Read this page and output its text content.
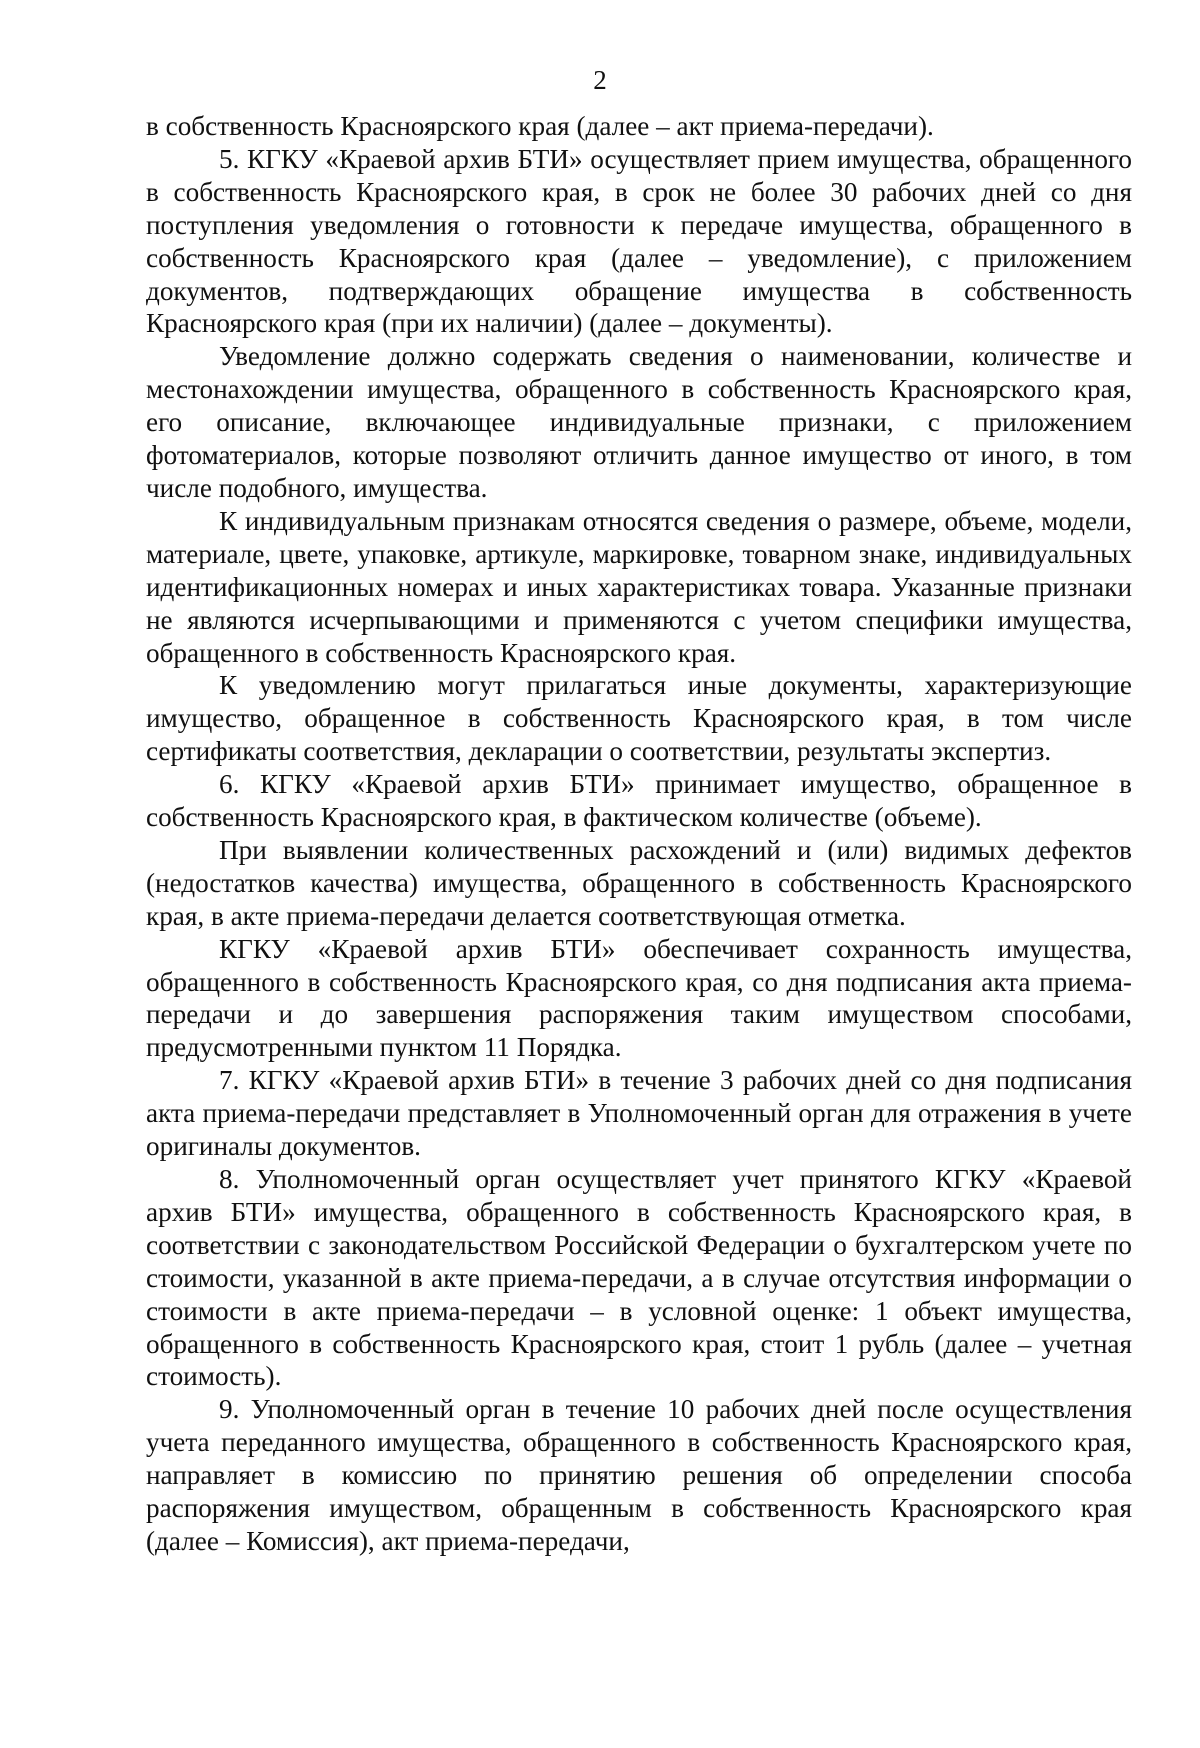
2

в собственность Красноярского края (далее – акт приема-передачи).

5. КГКУ «Краевой архив БТИ» осуществляет прием имущества, обращенного в собственность Красноярского края, в срок не более 30 рабочих дней со дня поступления уведомления о готовности к передаче имущества, обращенного в собственность Красноярского края (далее – уведомление), с приложением документов, подтверждающих обращение имущества в собственность Красноярского края (при их наличии) (далее – документы).

Уведомление должно содержать сведения о наименовании, количестве и местонахождении имущества, обращенного в собственность Красноярского края, его описание, включающее индивидуальные признаки, с приложением фотоматериалов, которые позволяют отличить данное имущество от иного, в том числе подобного, имущества.

К индивидуальным признакам относятся сведения о размере, объеме, модели, материале, цвете, упаковке, артикуле, маркировке, товарном знаке, индивидуальных идентификационных номерах и иных характеристиках товара. Указанные признаки не являются исчерпывающими и применяются с учетом специфики имущества, обращенного в собственность Красноярского края.

К уведомлению могут прилагаться иные документы, характеризующие имущество, обращенное в собственность Красноярского края, в том числе сертификаты соответствия, декларации о соответствии, результаты экспертиз.

6. КГКУ «Краевой архив БТИ» принимает имущество, обращенное в собственность Красноярского края, в фактическом количестве (объеме).

При выявлении количественных расхождений и (или) видимых дефектов (недостатков качества) имущества, обращенного в собственность Красноярского края, в акте приема-передачи делается соответствующая отметка.

КГКУ «Краевой архив БТИ» обеспечивает сохранность имущества, обращенного в собственность Красноярского края, со дня подписания акта приема-передачи и до завершения распоряжения таким имуществом способами, предусмотренными пунктом 11 Порядка.

7. КГКУ «Краевой архив БТИ» в течение 3 рабочих дней со дня подписания акта приема-передачи представляет в Уполномоченный орган для отражения в учете оригиналы документов.

8. Уполномоченный орган осуществляет учет принятого КГКУ «Краевой архив БТИ» имущества, обращенного в собственность Красноярского края, в соответствии с законодательством Российской Федерации о бухгалтерском учете по стоимости, указанной в акте приема-передачи, а в случае отсутствия информации о стоимости в акте приема-передачи – в условной оценке: 1 объект имущества, обращенного в собственность Красноярского края, стоит 1 рубль (далее – учетная стоимость).

9. Уполномоченный орган в течение 10 рабочих дней после осуществления учета переданного имущества, обращенного в собственность Красноярского края, направляет в комиссию по принятию решения об определении способа распоряжения имуществом, обращенным в собственность Красноярского края (далее – Комиссия), акт приема-передачи,
